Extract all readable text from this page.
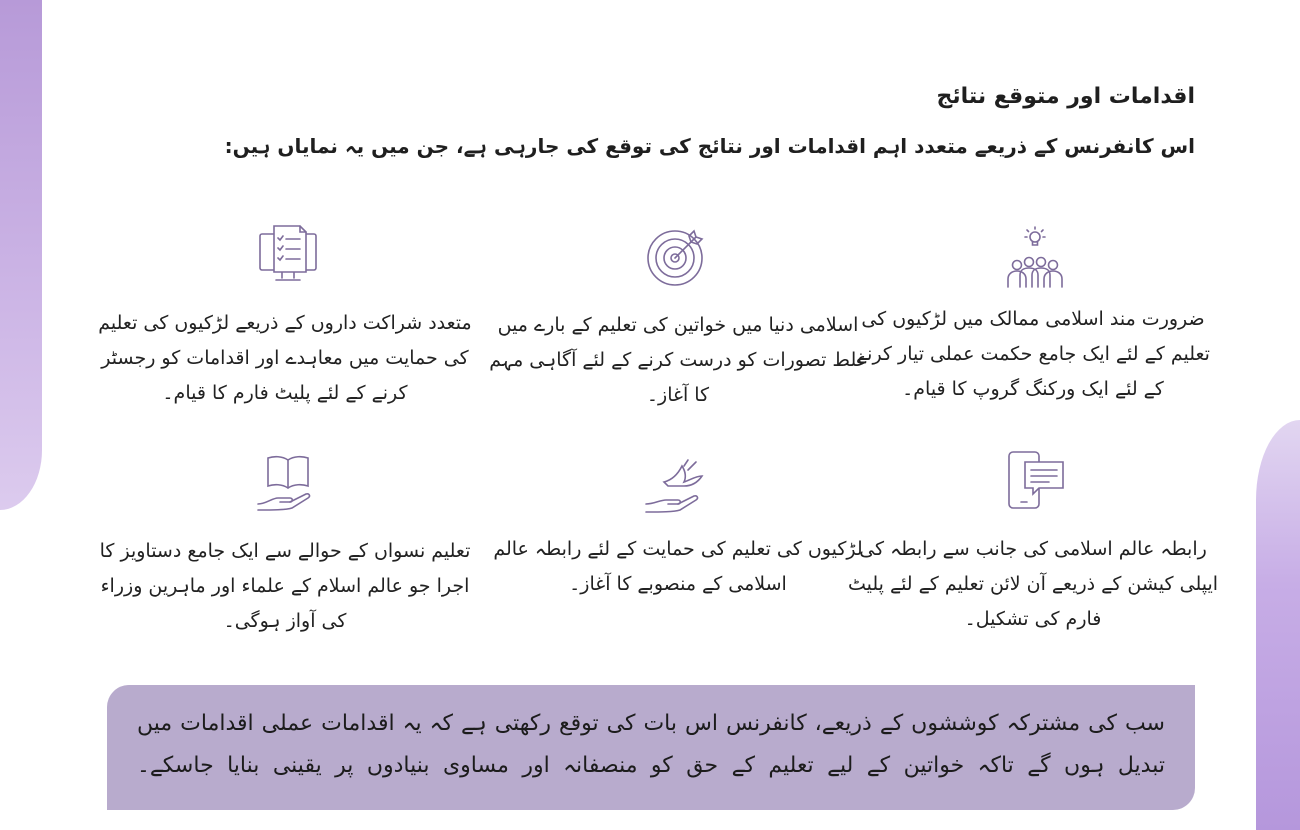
اقدامات اور متوقع نتائج
اس کانفرنس کے ذریعے متعدد اہم اقدامات اور نتائج کی توقع کی جارہی ہے، جن میں یہ نمایاں ہیں:
ضرورت مند اسلامی ممالک میں لڑکیوں کی تعلیم کے لئے ایک جامع حکمت عملی تیار کرنے کے لئے ایک ورکنگ گروپ کا قیام۔
اسلامی دنیا میں خواتین کی تعلیم کے بارے میں غلط تصورات کو درست کرنے کے لئے آگاہی مہم کا آغاز۔
متعدد شراکت داروں کے ذریعے لڑکیوں کی تعلیم کی حمایت میں معاہدے اور اقدامات کو رجسٹر کرنے کے لئے پلیٹ فارم کا قیام۔
رابطہ عالم اسلامی کی جانب سے رابطہ کی ایپلی کیشن کے ذریعے آن لائن تعلیم کے لئے پلیٹ فارم کی تشکیل۔
لڑکیوں کی تعلیم کی حمایت کے لئے رابطہ عالم اسلامی کے منصوبے کا آغاز۔
تعلیم نسواں کے حوالے سے ایک جامع دستاویز کا اجرا جو عالم اسلام کے علماء اور ماہرین وزراء کی آواز ہوگی۔
سب کی مشترکہ کوششوں کے ذریعے، کانفرنس اس بات کی توقع رکھتی ہے کہ یہ اقدامات عملی اقدامات میں تبدیل ہوں گے تاکہ خواتین کے لیے تعلیم کے حق کو منصفانہ اور مساوی بنیادوں پر یقینی بنایا جاسکے۔
